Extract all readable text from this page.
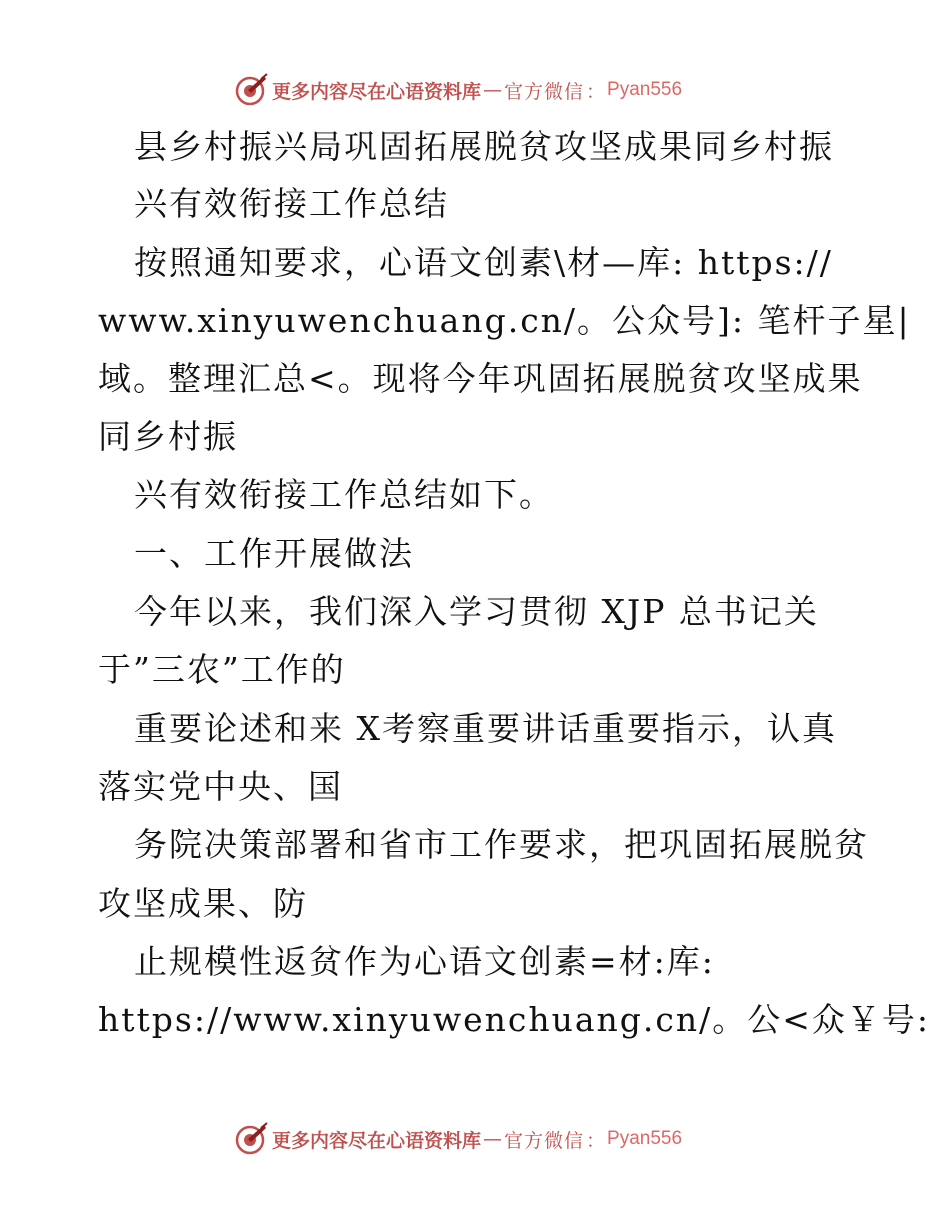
更多内容尽在心语资料库 — 官方微信 ： Pyan556
县乡村振兴局巩固拓展脱贫攻坚成果同乡村振
兴有效衔接工作总结
按照通知要求，心语文创素\材—库: https://
www.xinyuwenchuang.cn/。公众号]: 笔杆子星|
域。整理汇总<。现将今年巩固拓展脱贫攻坚成果
同乡村振
兴有效衔接工作总结如下。
一、工作开展做法
今年以来，我们深入学习贯彻 XJP 总书记关
于”三农”工作的
重要论述和来 X考察重要讲话重要指示，认真
落实党中央、国
务院决策部署和省市工作要求，把巩固拓展脱贫
攻坚成果、防
止规模性返贫作为心语文创素=材:库:
https://www.xinyuwenchuang.cn/。公<众￥号:
更多内容尽在心语资料库 — 官方微信 ： Pyan556
